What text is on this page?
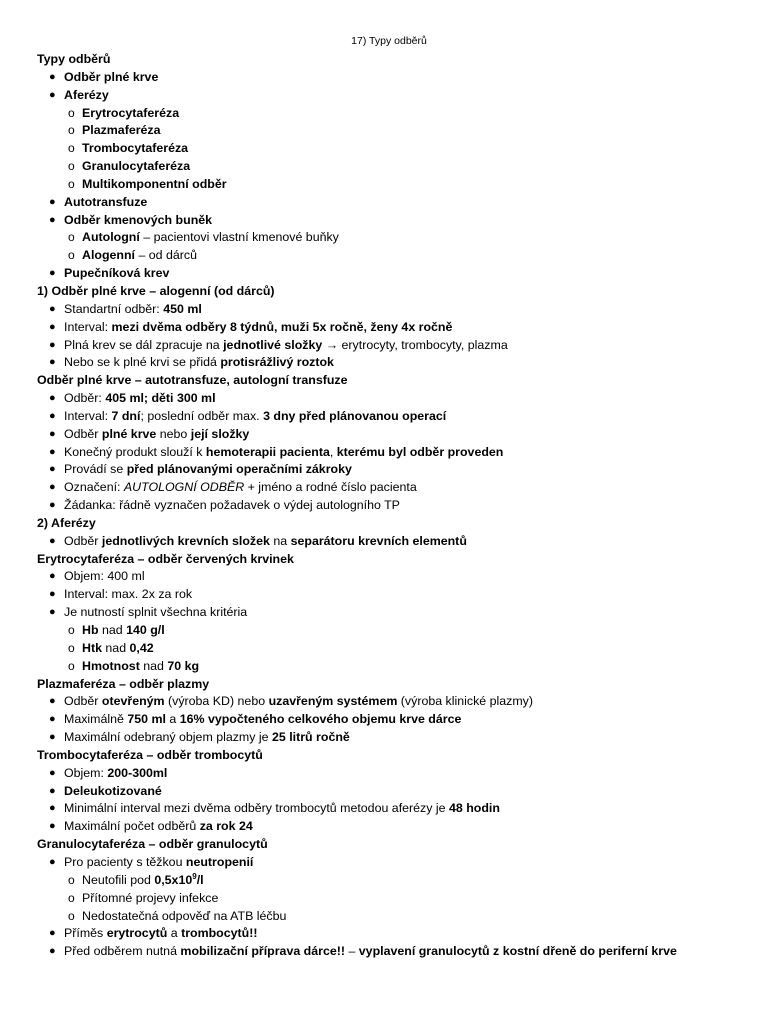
17) Typy odběrů
Typy odběrů
● Odběr plné krve
● Aferézy
o Erytrocytaferéza
o Plazmaferéza
o Trombocytaferéza
o Granulocytaferéza
o Multikomponentní odběr
● Autotransfuze
● Odběr kmenových buněk
o Autologní – pacientovi vlastní kmenové buňky
o Alogenní – od dárců
● Pupečníková krev
1) Odběr plné krve – alogenní (od dárců)
● Standartní odběr: 450 ml
● Interval: mezi dvěma odběry 8 týdnů, muži 5x ročně, ženy 4x ročně
● Plná krev se dál zpracuje na jednotlivé složky → erytrocyty, trombocyty, plazma
● Nebo se k plné krvi se přidá protisrážlivý roztok
Odběr plné krve – autotransfuze, autologní transfuze
● Odběr: 405 ml; děti 300 ml
● Interval: 7 dní; poslední odběr max. 3 dny před plánovanou operací
● Odběr plné krve nebo její složky
● Konečný produkt slouží k hemoterapii pacienta, kterému byl odběr proveden
● Provádí se před plánovanými operačními zákroky
● Označení: AUTOLOGNÍ ODBĚR + jméno a rodné číslo pacienta
● Žádanka: řádně vyznačen požadavek o výdej autologního TP
2) Aferézy
● Odběr jednotlivých krevních složek na separátoru krevních elementů
Erytrocytaferéza – odběr červených krvinek
● Objem: 400 ml
● Interval: max. 2x za rok
● Je nutností splnit všechna kritéria
o Hb nad 140 g/l
o Htk nad 0,42
o Hmotnost nad 70 kg
Plazmaferéza – odběr plazmy
● Odběr otevřeným (výroba KD) nebo uzavřeným systémem (výroba klinické plazmy)
● Maximálně 750 ml a 16% vypočteného celkového objemu krve dárce
● Maximální odebraný objem plazmy je 25 litrů ročně
Trombocytaferéza – odběr trombocytů
● Objem: 200-300ml
● Deleukotizované
● Minimální interval mezi dvěma odběry trombocytů metodou aferézy je 48 hodin
● Maximální počet odběrů za rok 24
Granulocytaferéza – odběr granulocytů
● Pro pacienty s těžkou neutropenií
o Neutofili pod $0,5x10^9/l$
o Přítomné projevy infekce
o Nedostatečná odpověď na ATB léčbu
● Příměs erytrocytů a trombocytů!!
● Před odběrem nutná mobilizační příprava dárce!! – vyplavení granulocytů z kostní dřeně do periferní krve
